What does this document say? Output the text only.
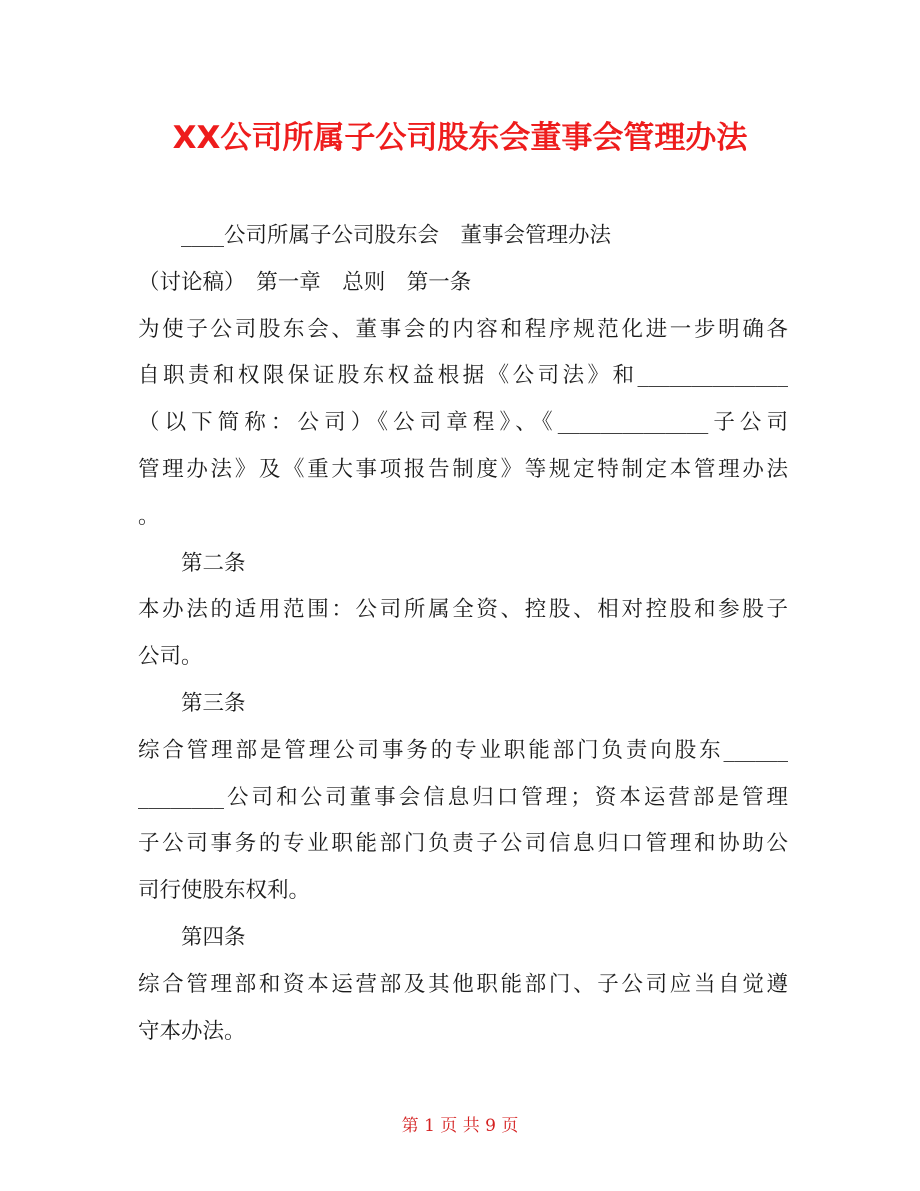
XX公司所属子公司股东会董事会管理办法
____公司所属子公司股东会　董事会管理办法
（讨论稿）　第一章　总则　第一条
为使子公司股东会、董事会的内容和程序规范化进一步明确各
自职责和权限保证股东权益根据《公司法》和______________
（以下简称：公司）《公司章程》、《______________子公司
管理办法》及《重大事项报告制度》等规定特制定本管理办法
。
第二条
本办法的适用范围：公司所属全资、控股、相对控股和参股子
公司。
第三条
综合管理部是管理公司事务的专业职能部门负责向股东______
________公司和公司董事会信息归口管理；资本运营部是管理
子公司事务的专业职能部门负责子公司信息归口管理和协助公
司行使股东权利。
第四条
综合管理部和资本运营部及其他职能部门、子公司应当自觉遵
守本办法。
第 1 页 共 9 页
